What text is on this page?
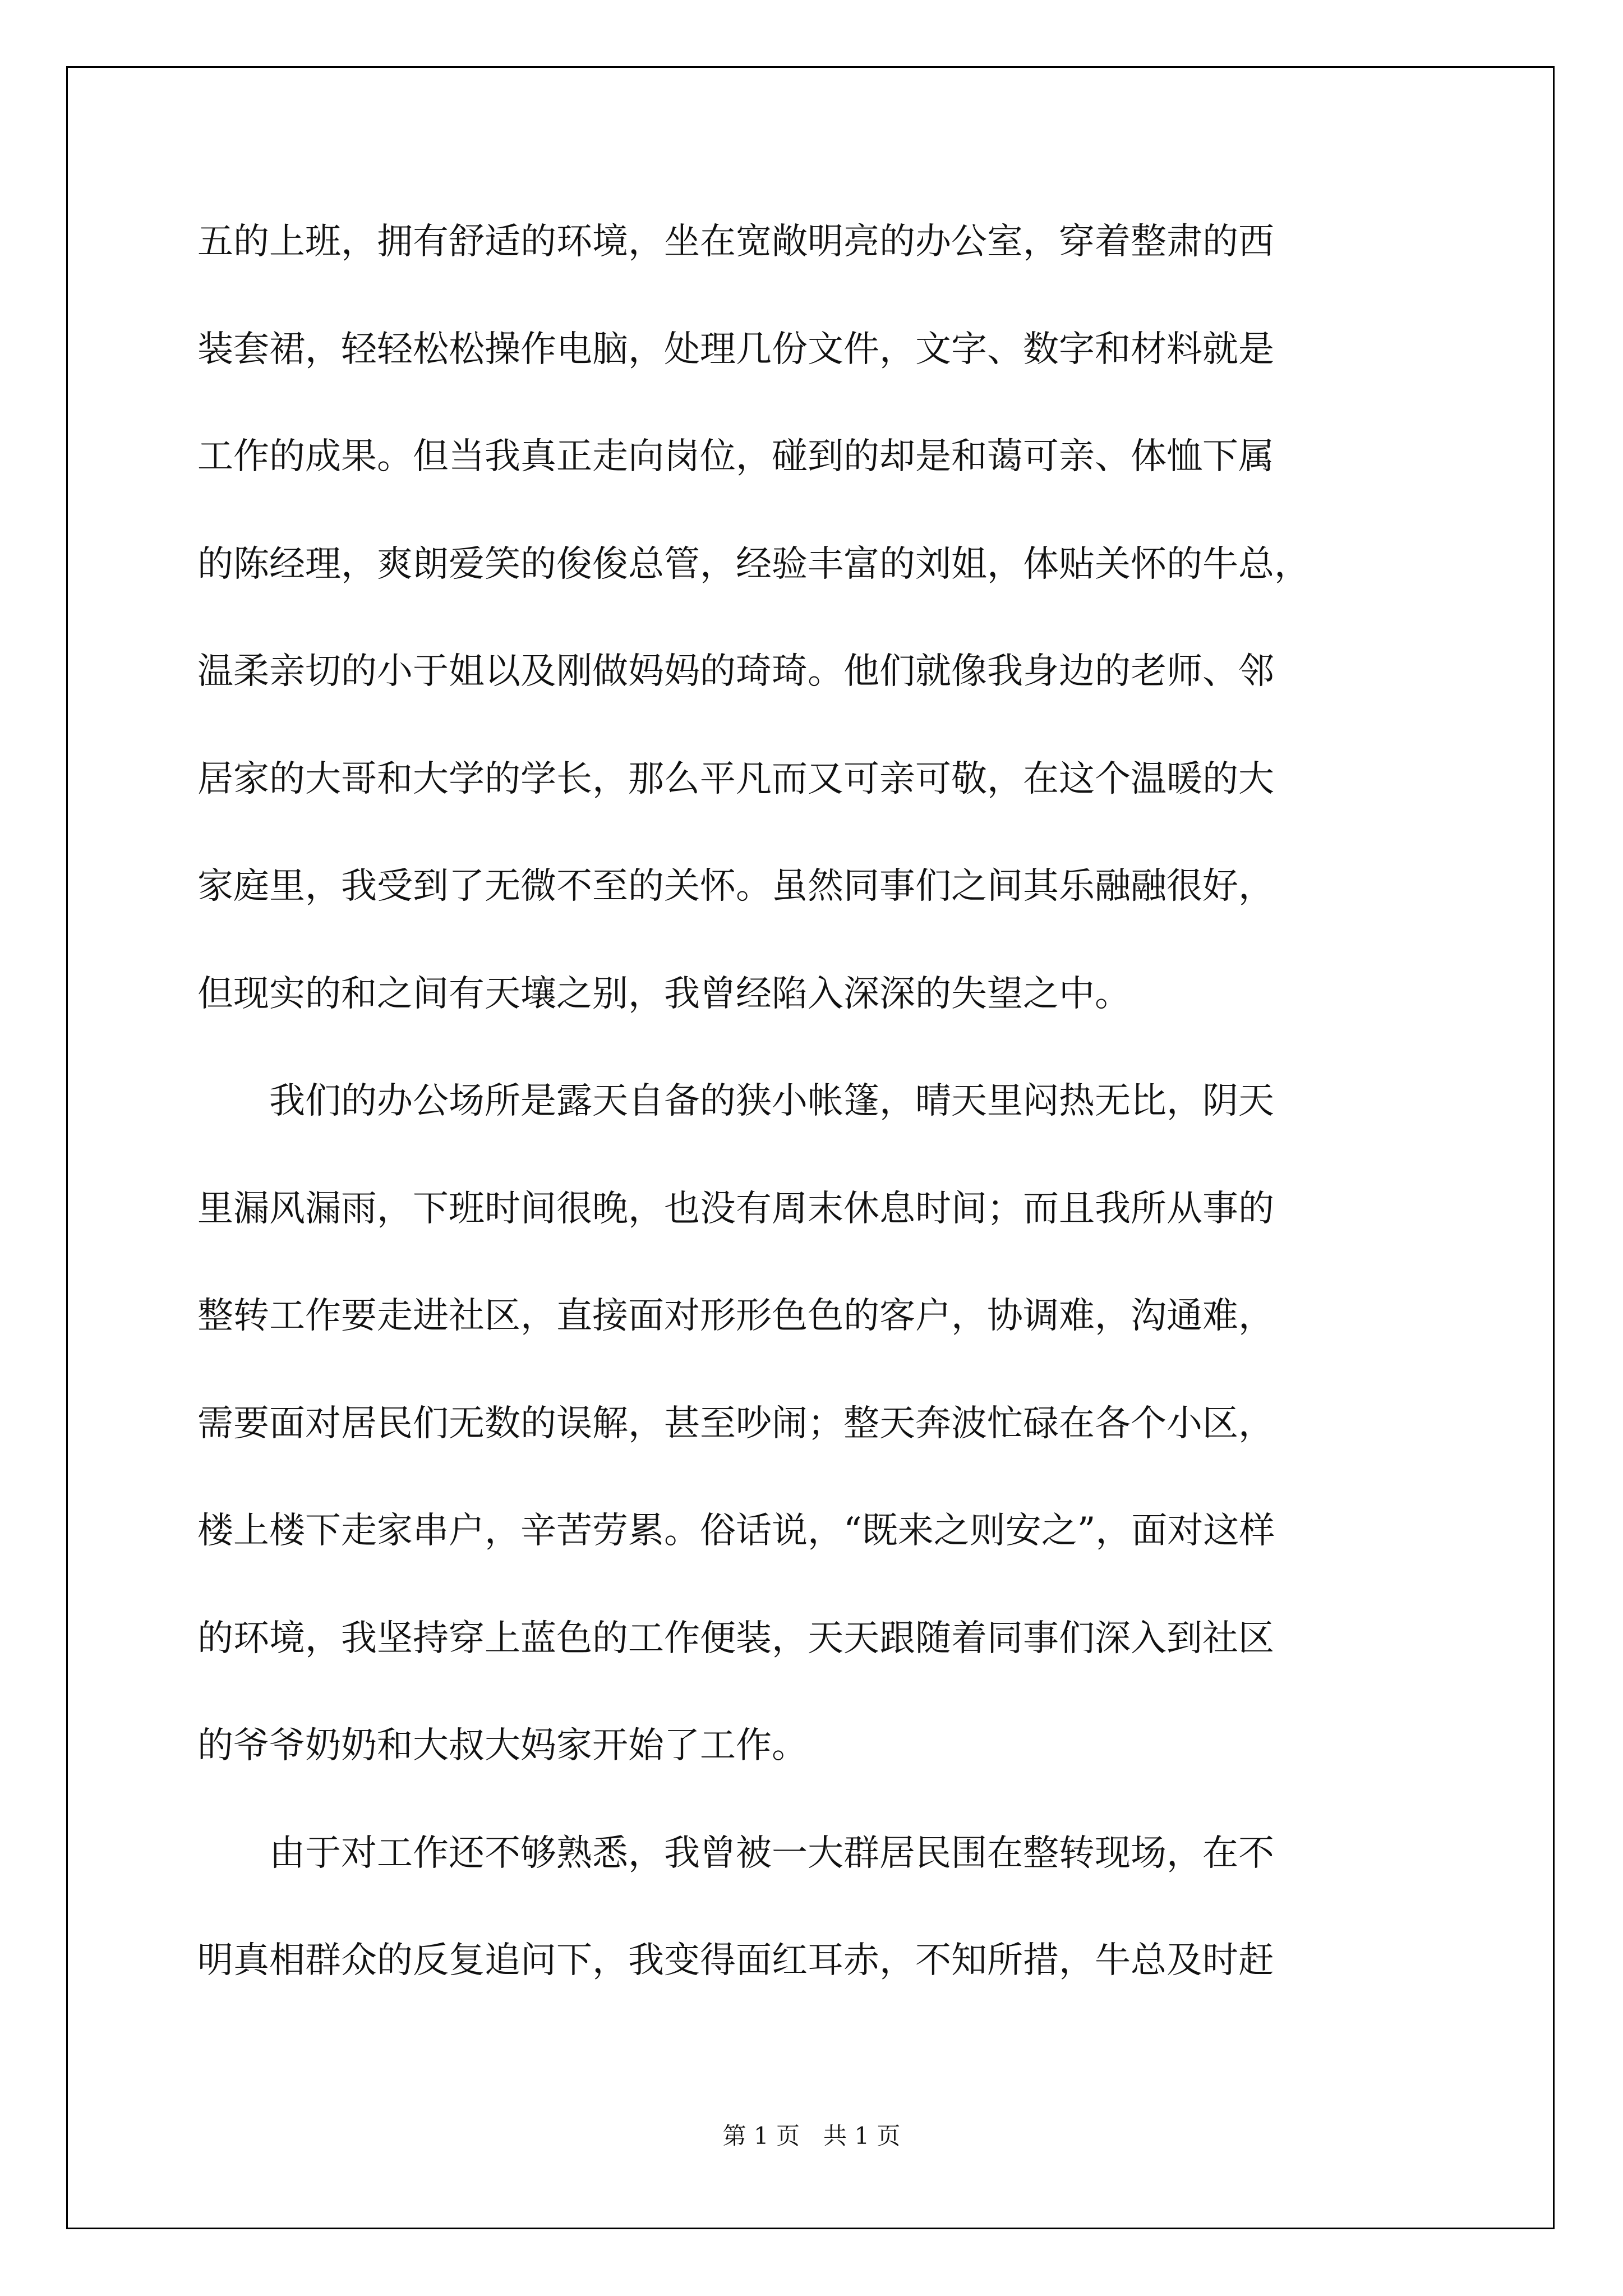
五的上班，拥有舒适的环境，坐在宽敞明亮的办公室，穿着整肃的西
装套裙，轻轻松松操作电脑，处理几份文件，文字、数字和材料就是
工作的成果。但当我真正走向岗位，碰到的却是和蔼可亲、体恤下属
的陈经理，爽朗爱笑的俊俊总管，经验丰富的刘姐，体贴关怀的牛总，
温柔亲切的小于姐以及刚做妈妈的琦琦。他们就像我身边的老师、邻
居家的大哥和大学的学长，那么平凡而又可亲可敬，在这个温暖的大
家庭里，我受到了无微不至的关怀。虽然同事们之间其乐融融很好，
但现实的和之间有天壤之别，我曾经陷入深深的失望之中。
　　我们的办公场所是露天自备的狭小帐篷，晴天里闷热无比，阴天
里漏风漏雨，下班时间很晚，也没有周末休息时间；而且我所从事的
整转工作要走进社区，直接面对形形色色的客户，协调难，沟通难，
需要面对居民们无数的误解，甚至吵闹；整天奔波忙碌在各个小区，
楼上楼下走家串户，辛苦劳累。俗话说，“既来之则安之”，面对这样
的环境，我坚持穿上蓝色的工作便装，天天跟随着同事们深入到社区
的爷爷奶奶和大叔大妈家开始了工作。
　　由于对工作还不够熟悉，我曾被一大群居民围在整转现场，在不
明真相群众的反复追问下，我变得面红耳赤，不知所措，牛总及时赶
第 1 页　共 1 页
